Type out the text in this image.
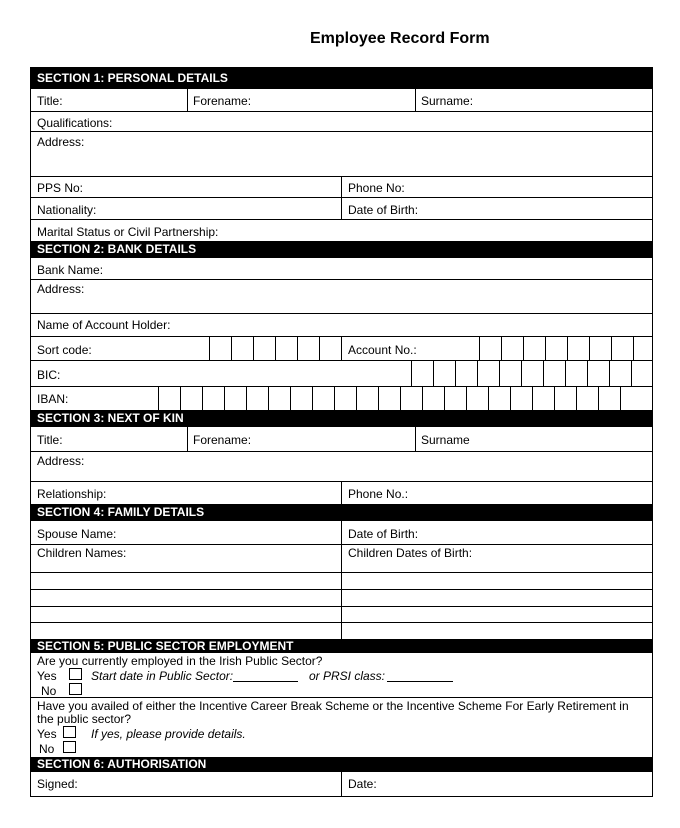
Employee Record Form
SECTION 1: PERSONAL DETAILS
Title:	Forename:	Surname:
Qualifications:
Address:
PPS No:	Phone No:
Nationality:	Date of Birth:
Marital Status or Civil Partnership:
SECTION 2: BANK DETAILS
Bank Name:
Address:
Name of Account Holder:
Sort code:	Account No.:
BIC:
IBAN:
SECTION 3: NEXT OF KIN
Title:	Forename:	Surname
Address:
Relationship:	Phone No.:
SECTION 4: FAMILY DETAILS
Spouse Name:	Date of Birth:
Children Names:	Children Dates of Birth:
SECTION 5: PUBLIC SECTOR EMPLOYMENT
Are you currently employed in the Irish Public Sector?
Yes	Start date in Public Sector:	or PRSI class:
No
Have you availed of either the Incentive Career Break Scheme or the Incentive Scheme For Early Retirement in
the public sector?
Yes	If yes, please provide details.
No
SECTION 6: AUTHORISATION
Signed:	Date:
